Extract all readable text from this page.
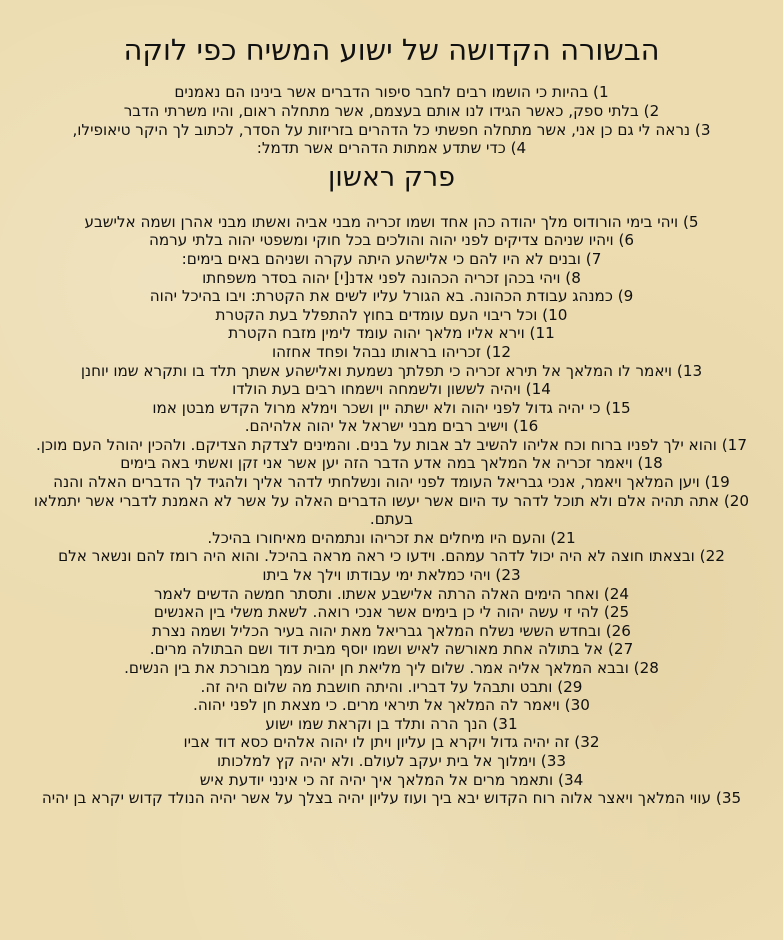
הבשורה הקדושה של ישוע המשיח כפי לוקה
1) בהיות כי הושמו רבים לחבר סיפור הדברים אשר בינינו הם נאמנים
2) בלתי ספק, כאשר הגידו לנו אותם בעצמם, אשר מתחלה ראום, והיו משרתי הדבר
3) נראה לי גם כן אני, אשר מתחלה חפשתי כל הדהרים בזריזות על הסדר, לכתוב לך היקר טיאופילו,
4) כדי שתדע אמתות הדהרים אשר תדמל:
פרק ראשון
5) ויהי בימי הורודוס מלך יהודה כהן אחד ושמו זכריה מבני אביה ואשתו מבני אהרן ושמה אלישבע
6) ויהיו שניהם צדיקים לפני יהוה והולכים בכל חוקי ומשפטי יהוה בלתי ערמה
7) ובנים לא היו להם כי אלישהע היתה עקרה ושניהם באים בימים:
8) ויהי בכהן זכריה הכהונה לפני אדנ[י] יהוה בסדר משפחתו
9) כמנהג עבודת הכהונה. בא הגורל עליו לשים את הקטרת: ויבו בהיכל יהוה
10) וכל ריבוי העם עומדים בחוץ להתפלל בעת הקטרת
11) וירא אליו מלאך יהוה עומד לימין מזבח הקטרת
12) זכריהו בראותו נבהל ופחד אחזהו
13) ויאמר לו המלאך אל תירא זכריה כי תפלתך נשמעת ואלישהע אשתך תלד בו ותקרא שמו יוחנן
14) ויהיה לששון ולשמחה וישמחו רבים בעת הולדו
15) כי יהיה גדול לפני יהוה ולא ישתה יין ושכר וימלא מרול הקדש מבטן אמו
16) וישיב רבים מבני ישראל אל יהוה אלהיהם.
17) והוא ילך לפניו ברוח וכח אליהו להשיב לב אבות על בנים. והמינים לצדקת הצדיקם. ולהכין יהוהל העם מוכן.
18) ויאמר זכריה אל המלאך במה אדע הדבר הזה יען אשר אני זקן ואשתי באה בימים
19) ויען המלאך ויאמר, אנכי גבריאל העומד לפני יהוה ונשלחתי לדהר אליך ולהגיד לך הדברים האלה והנה
20) אתה תהיה אלם ולא תוכל לדהר עד היום אשר יעשו הדברים האלה על אשר לא האמנת לדברי אשר יתמלאו בעתם.
21) והעם היו מיחלים את זכריהו ונתמהים מאיחורו בהיכל.
22) ובצאתו חוצה לא היה יכול לדהר עמהם. וידעו כי ראה מראה בהיכל. והוא היה רומז להם ונשאר אלם
23) ויהי כמלאת ימי עבודתו וילך אל ביתו
24) ואחר הימים האלה הרתה אלישבע אשתו. ותסתר חמשה הדשים לאמר
25) להי זי עשה יהוה לי כן בימים אשר אנכי רואה. לשאת משלי בין האנשים
26) ובחדש הששי נשלח המלאך גבריאל מאת יהוה בעיר הכליל ושמה נצרת
27) אל בתולה אחת מאורשה לאיש ושמו יוסף מבית דוד ושם הבתולה מרים.
28) ובבא המלאך אליה אמר. שלום ליך מליאת חן יהוה עמך מבורכת את בין הנשים.
29) ותבט ותבהל על דבריו. והיתה חושבת מה שלום היה זה.
30) ויאמר לה המלאך אל תיראי מרים. כי מצאת חן לפני יהוה.
31) הנך הרה ותלד בן וקראת שמו ישוע
32) זה יהיה גדול ויקרא בן עליון ויתן לו יהוה אלהים כסא דוד אביו
33) וימלוך אל בית יעקב לעולם. ולא יהיה קץ למלכותו
34) ותאמר מרים אל המלאך איך יהיה זה כי אינני יודעת איש
35) עווי המלאך ויאצר אלוה רוח הקדוש יבא ביך ועוז עליון יהיה בצלך על אשר יהיה הנולד קדוש יקרא בן יהיה
